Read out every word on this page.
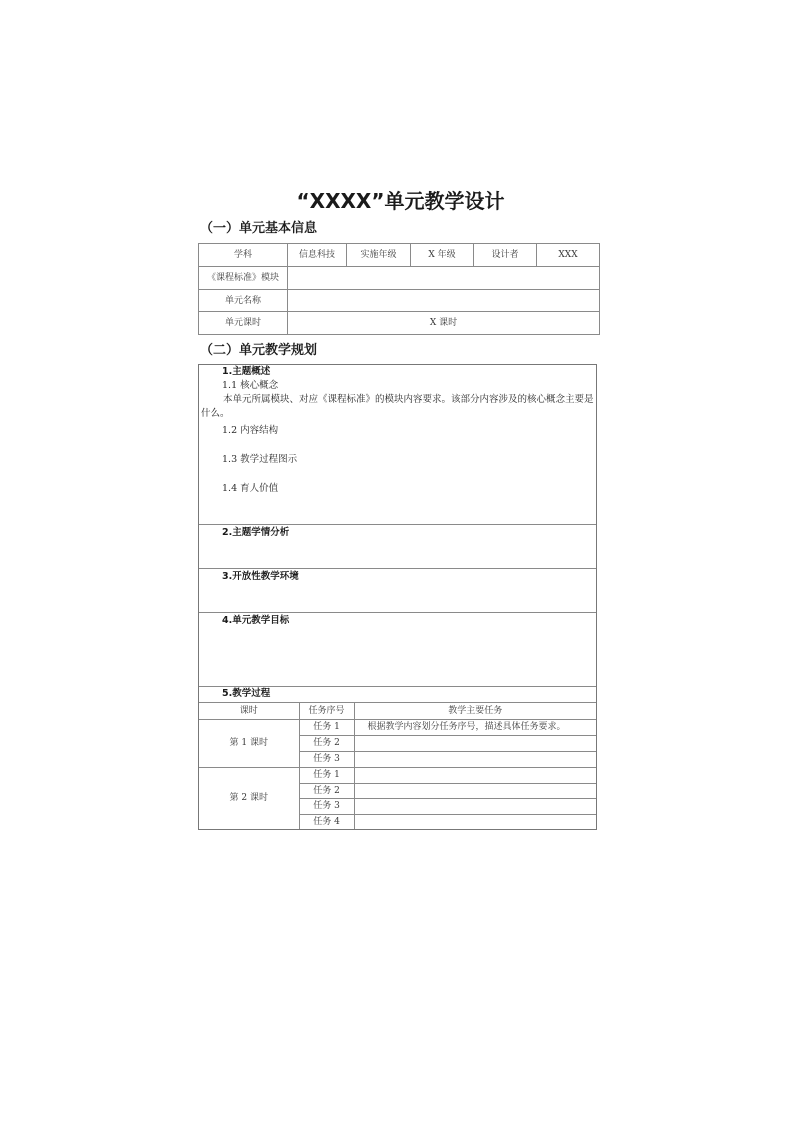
“XXXX”单元教学设计
（一）单元基本信息
学科	信息科技	实施年级	X 年级	设计者	XXX
《课程标准》模块					
单元名称					
单元课时	X 课时				
（二）单元教学规划
1.主题概述
1.1 核心概念
本单元所属模块、对应《课程标准》的模块内容要求。该部分内容涉及的核心概念主要是什么。
1.2 内容结构
1.3 教学过程图示
1.4 育人价值
2.主题学情分析
3.开放性教学环境
4.单元教学目标
5.教学过程
课时	任务序号	教学主要任务
第 1 课时	任务 1	根据教学内容划分任务序号，描述具体任务要求。
	任务 2	
	任务 3	
第 2 课时	任务 1	
	任务 2	
	任务 3	
	任务 4	
